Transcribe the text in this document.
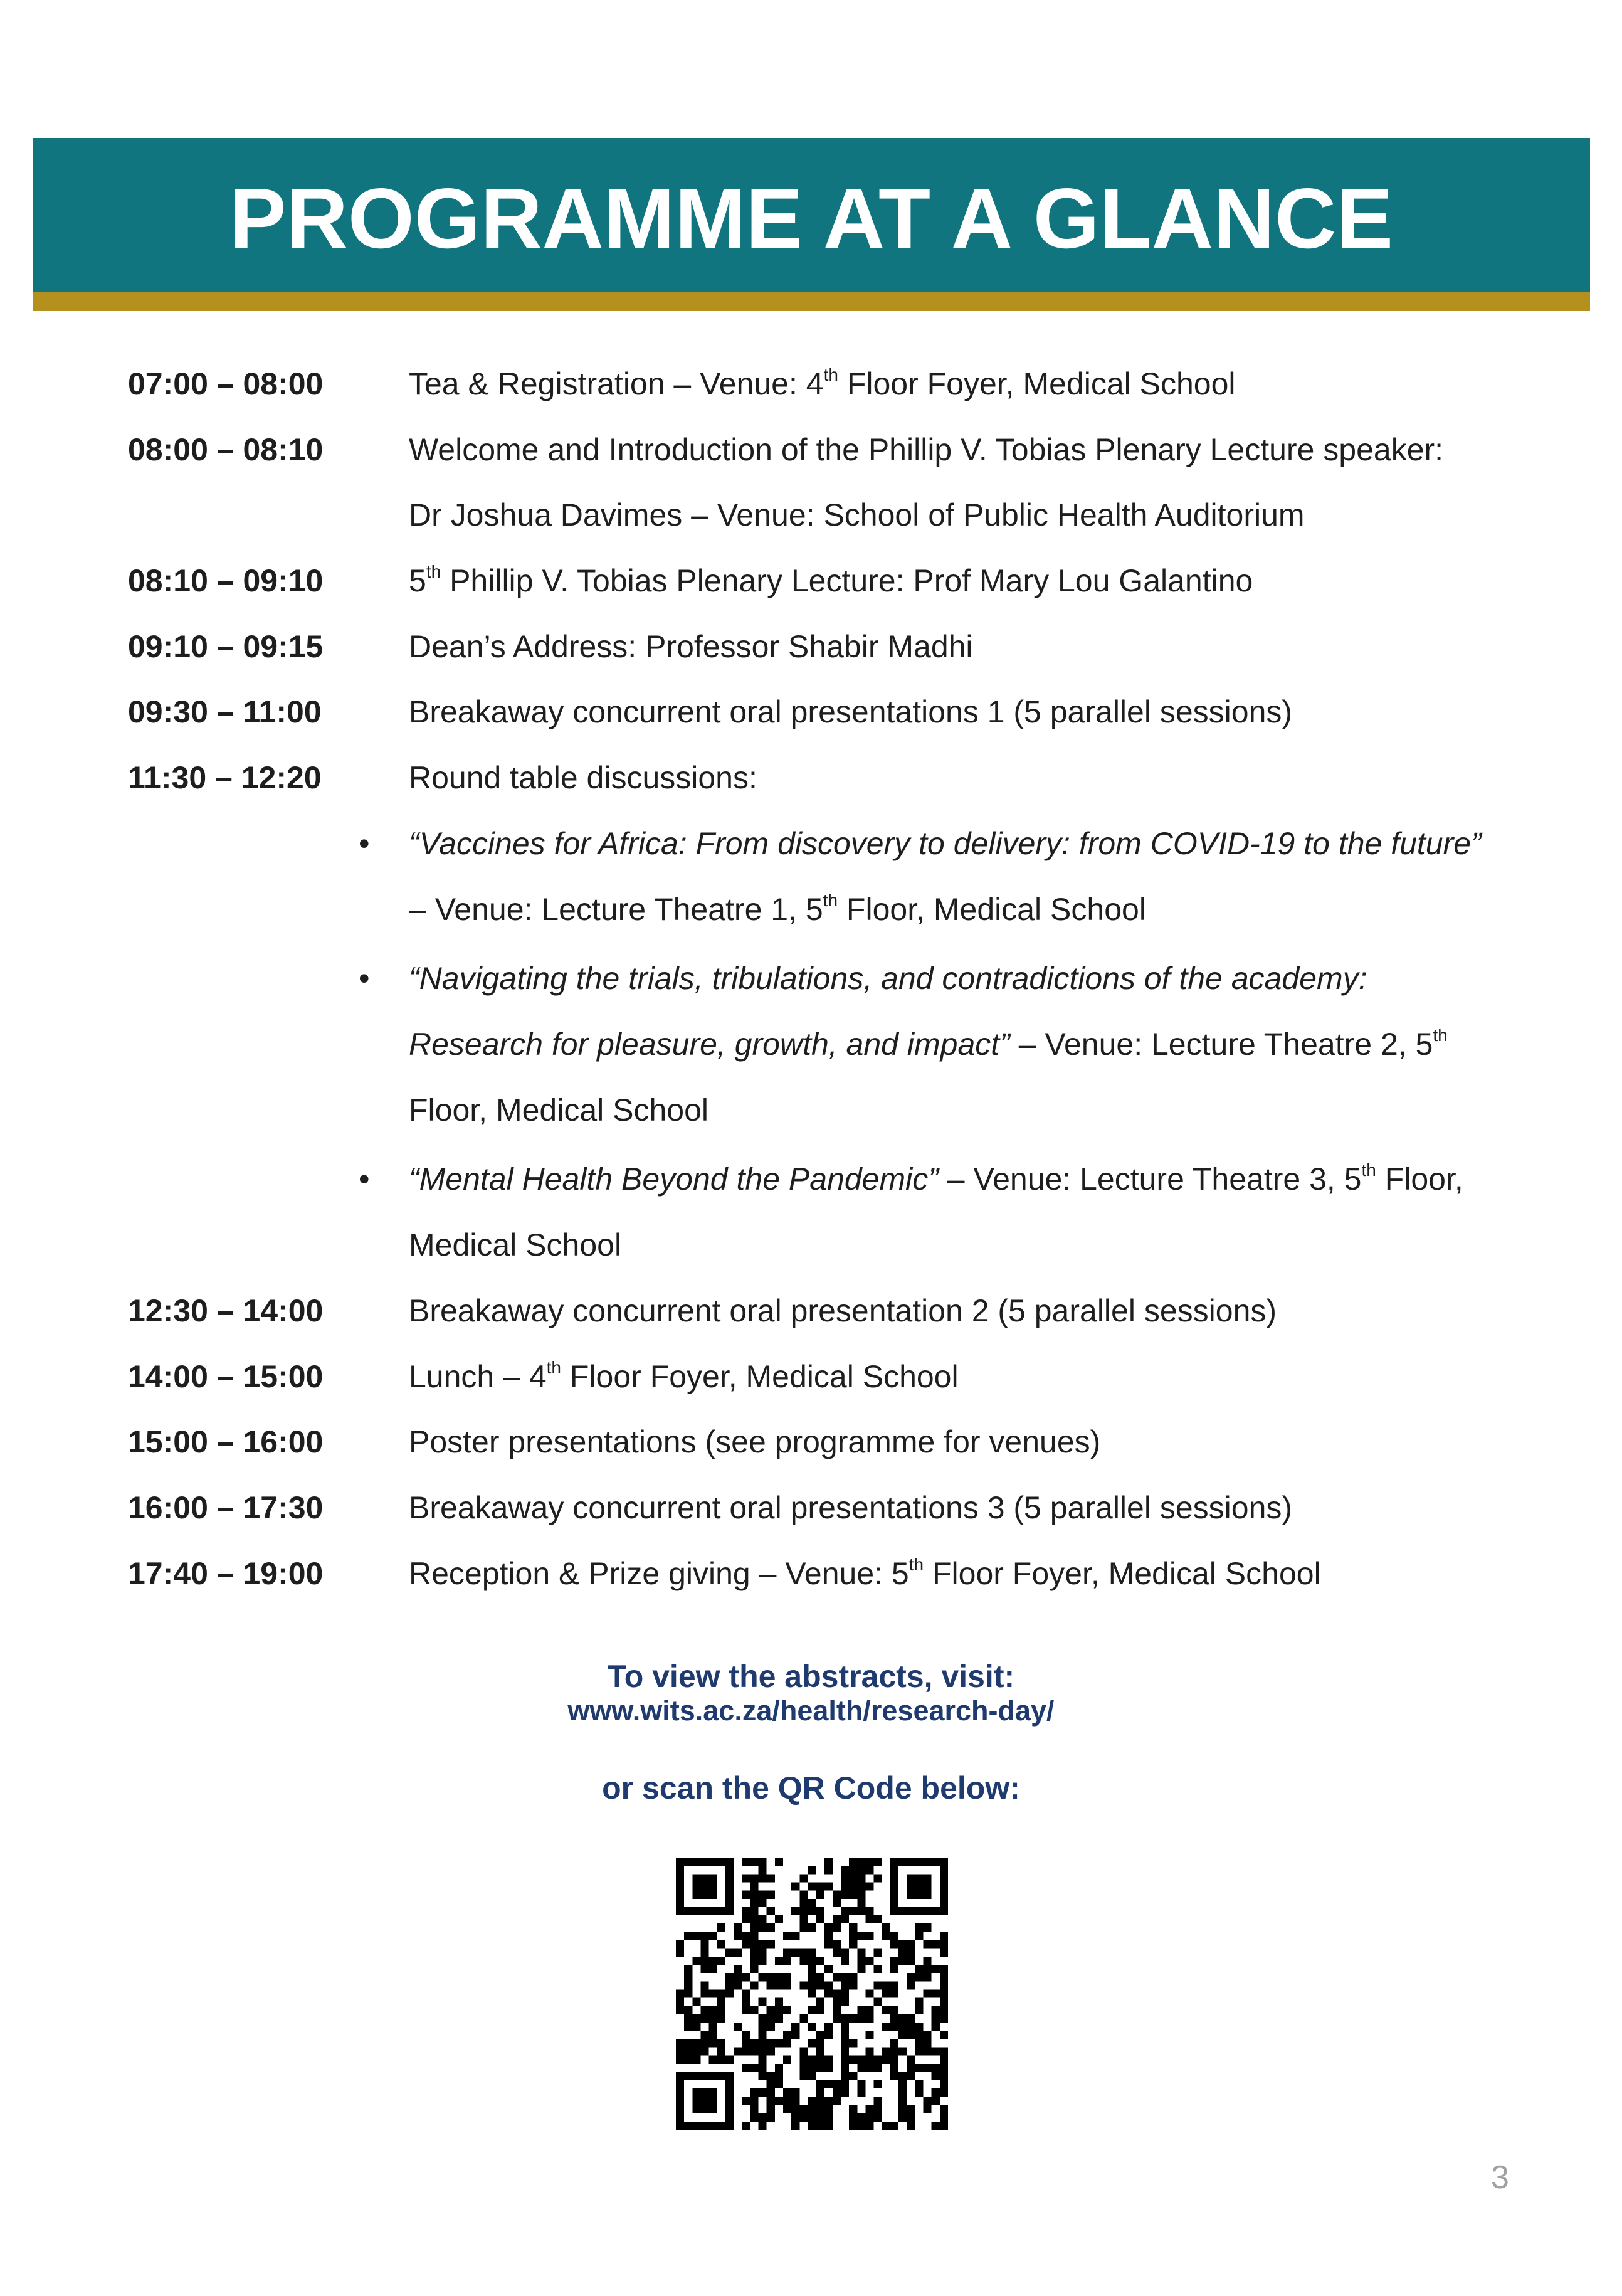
PROGRAMME AT A GLANCE
07:00 – 08:00	Tea & Registration – Venue: 4th Floor Foyer, Medical School
08:00 – 08:10	Welcome and Introduction of the Phillip V. Tobias Plenary Lecture speaker:
Dr Joshua Davimes – Venue: School of Public Health Auditorium
08:10 – 09:10	5th Phillip V. Tobias Plenary Lecture: Prof Mary Lou Galantino
09:10 – 09:15	Dean’s Address: Professor Shabir Madhi
09:30 – 11:00	Breakaway concurrent oral presentations 1 (5 parallel sessions)
11:30 – 12:20	Round table discussions:
• “Vaccines for Africa: From discovery to delivery: from COVID-19 to the future”
– Venue: Lecture Theatre 1, 5th Floor, Medical School
• “Navigating the trials, tribulations, and contradictions of the academy:
Research for pleasure, growth, and impact” – Venue: Lecture Theatre 2, 5th
Floor, Medical School
• “Mental Health Beyond the Pandemic” – Venue: Lecture Theatre 3, 5th Floor,
Medical School
12:30 – 14:00	Breakaway concurrent oral presentation 2 (5 parallel sessions)
14:00 – 15:00	Lunch – 4th Floor Foyer, Medical School
15:00 – 16:00	Poster presentations (see programme for venues)
16:00 – 17:30	Breakaway concurrent oral presentations 3 (5 parallel sessions)
17:40 – 19:00	Reception & Prize giving – Venue: 5th Floor Foyer, Medical School
To view the abstracts, visit:
www.wits.ac.za/health/research-day/
or scan the QR Code below:
3
